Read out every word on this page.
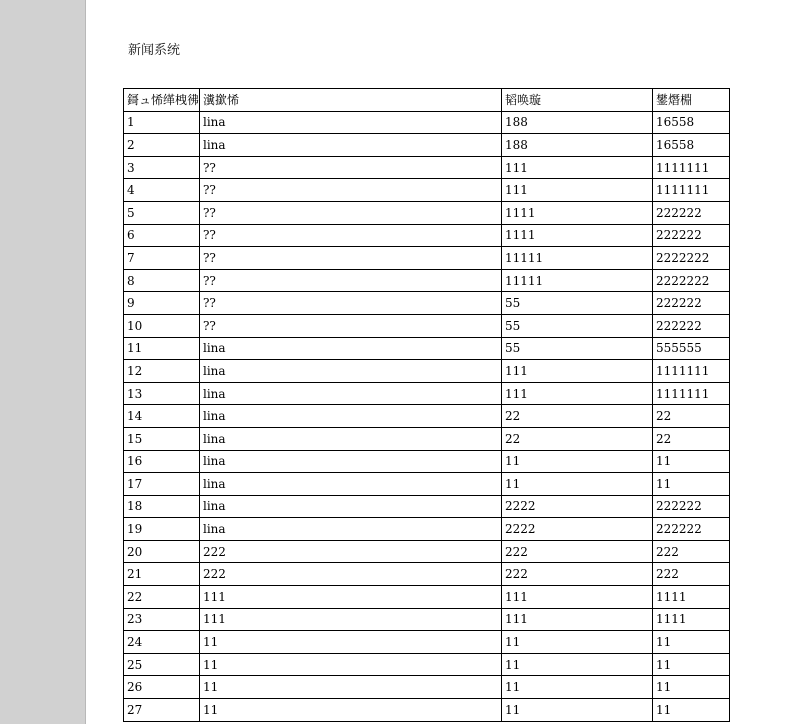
新闻系统
鎶ュ悕缂栧彿	瀵撳悕	韬唤璇	鐢熸棩
1	lina	188	16558
2	lina	188	16558
3	??	111	1111111
4	??	111	1111111
5	??	1111	222222
6	??	1111	222222
7	??	11111	2222222
8	??	11111	2222222
9	??	55	222222
10	??	55	222222
11	lina	55	555555
12	lina	111	1111111
13	lina	111	1111111
14	lina	22	22
15	lina	22	22
16	lina	11	11
17	lina	11	11
18	lina	2222	222222
19	lina	2222	222222
20	222	222	222
21	222	222	222
22	111	111	1111
23	111	111	1111
24	11	11	11
25	11	11	11
26	11	11	11
27	11	11	11
